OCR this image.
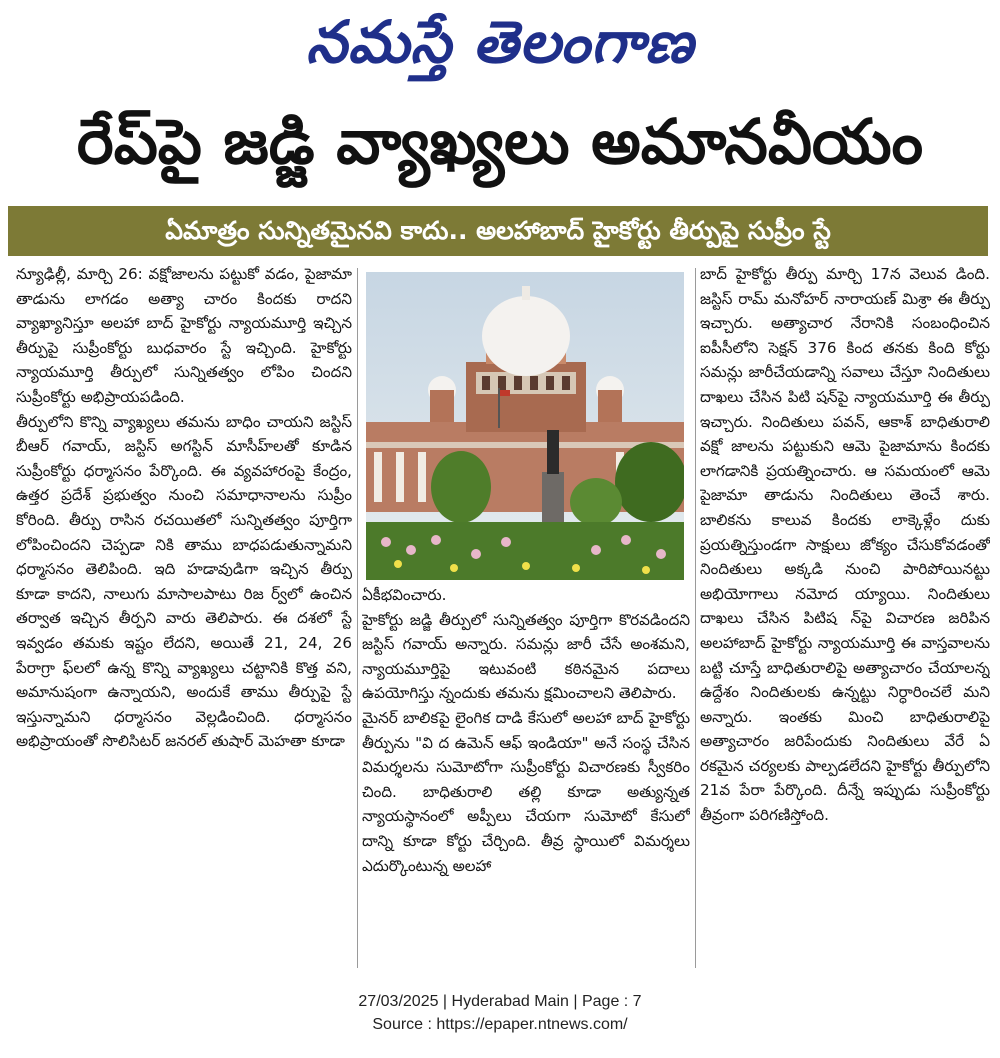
నమస్తే తెలంగాణ
రేప్‌పై జడ్జి వ్యాఖ్యలు అమానవీయం
ఏమాత్రం సున్నితమైనవి కాదు.. అలహాబాద్ హైకోర్టు తీర్పుపై సుప్రీం స్టే
న్యూఢిల్లీ, మార్చి 26: వక్షోజాలను పట్టుకో వడం, పైజామా తాడును లాగడం అత్యా చారం కిందకు రాదని వ్యాఖ్యానిస్తూ అలహా బాద్ హైకోర్టు న్యాయమూర్తి ఇచ్చిన తీర్పుపై సుప్రీంకోర్టు బుధవారం స్టే ఇచ్చింది. హైకోర్టు న్యాయమూర్తి తీర్పులో సున్నితత్వం లోపిం చిందని సుప్రీంకోర్టు అభిప్రాయపడింది.
తీర్పులోని కొన్ని వ్యాఖ్యలు తమను బాధిం చాయని జస్టిస్ బీఆర్ గవాయ్, జస్టిస్ అగస్టిన్ మాసీహ్‌లతో కూడిన సుప్రీంకోర్టు ధర్మాసనం పేర్కొంది. ఈ వ్యవహారంపై కేంద్రం, ఉత్తర ప్రదేశ్ ప్రభుత్వం నుంచి సమాధానాలను సుప్రీం కోరింది. తీర్పు రాసిన రచయితలో సున్నితత్వం పూర్తిగా లోపించిందని చెప్పడా నికి తాము బాధపడుతున్నామని ధర్మాసనం తెలిపింది. ఇది హడావుడిగా ఇచ్చిన తీర్పు కూడా కాదని, నాలుగు మాసాలపాటు రిజ ర్వ్‌లో ఉంచిన తర్వాత ఇచ్చిన తీర్పని వారు తెలిపారు. ఈ దశలో స్టే ఇవ్వడం తమకు ఇష్టం లేదని, అయితే 21, 24, 26 పేరాగ్రా ఫ్‌లలో ఉన్న కొన్ని వ్యాఖ్యలు చట్టానికి కొత్త వని, అమానుషంగా ఉన్నాయని, అందుకే తాము తీర్పుపై స్టే ఇస్తున్నామని ధర్మాసనం వెల్లడించింది. ధర్మాసనం అభిప్రాయంతో సొలిసిటర్ జనరల్ తుషార్ మెహతా కూడా
ఏకీభవించారు.
హైకోర్టు జడ్జి తీర్పులో సున్నితత్వం పూర్తిగా కొరవడిందని జస్టిస్ గవాయ్ అన్నారు. సమన్లు జారీ చేసే అంశమని, న్యాయమూర్తిపై ఇటువంటి కఠినమైన పదాలు ఉపయోగిస్తు న్నందుకు తమను క్షమించాలని తెలిపారు.
మైనర్ బాలికపై లైంగిక దాడి కేసులో అలహా బాద్ హైకోర్టు తీర్పును "వి ద ఉమెన్ ఆఫ్ ఇండియా" అనే సంస్థ చేసిన విమర్శలను సుమోటోగా సుప్రీంకోర్టు విచారణకు స్వీకరిం చింది. బాధితురాలి తల్లి కూడా అత్యున్నత న్యాయస్థానంలో అప్పీలు చేయగా సుమోటో కేసులో దాన్ని కూడా కోర్టు చేర్చింది. తీవ్ర స్థాయిలో విమర్శలు ఎదుర్కొంటున్న అలహా
బాద్ హైకోర్టు తీర్పు మార్చి 17న వెలువ డింది. జస్టిస్ రామ్ మనోహర్ నారాయణ్ మిశ్రా ఈ తీర్పు ఇచ్చారు. అత్యాచార నేరానికి సంబంధించిన ఐపీసీలోని సెక్షన్ 376 కింద తనకు కింది కోర్టు సమన్లు జారీచేయడాన్ని సవాలు చేస్తూ నిందితులు దాఖలు చేసిన పిటి షన్‌పై న్యాయమూర్తి ఈ తీర్పు ఇచ్చారు. నిందితులు పవన్, ఆకాశ్ బాధితురాలి వక్షో జాలను పట్టుకుని ఆమె పైజామాను కిందకు లాగడానికి ప్రయత్నించారు. ఆ సమయంలో ఆమె పైజామా తాడును నిందితులు తెంచే శారు. బాలికను కాలువ కిందకు లాక్కెళ్లేం దుకు ప్రయత్నిస్తుండగా సాక్షులు జోక్యం చేసుకోవడంతో నిందితులు అక్కడి నుంచి పారిపోయినట్టు అభియోగాలు నమోద య్యాయి. నిందితులు దాఖలు చేసిన పిటిష న్‌పై విచారణ జరిపిన అలహాబాద్ హైకోర్టు న్యాయమూర్తి ఈ వాస్తవాలను బట్టి చూస్తే బాధితురాలిపై అత్యాచారం చేయాలన్న ఉద్దేశం నిందితులకు ఉన్నట్టు నిర్ధారించలే మని అన్నారు. ఇంతకు మించి బాధితురాలిపై అత్యాచారం జరిపేందుకు నిందితులు వేరే ఏ రకమైన చర్యలకు పాల్పడలేదని హైకోర్టు తీర్పులోని 21వ పేరా పేర్కొంది. దీన్నే ఇప్పుడు సుప్రీంకోర్టు తీవ్రంగా పరిగణిస్తోంది.
27/03/2025 | Hyderabad Main | Page : 7
Source : https://epaper.ntnews.com/
